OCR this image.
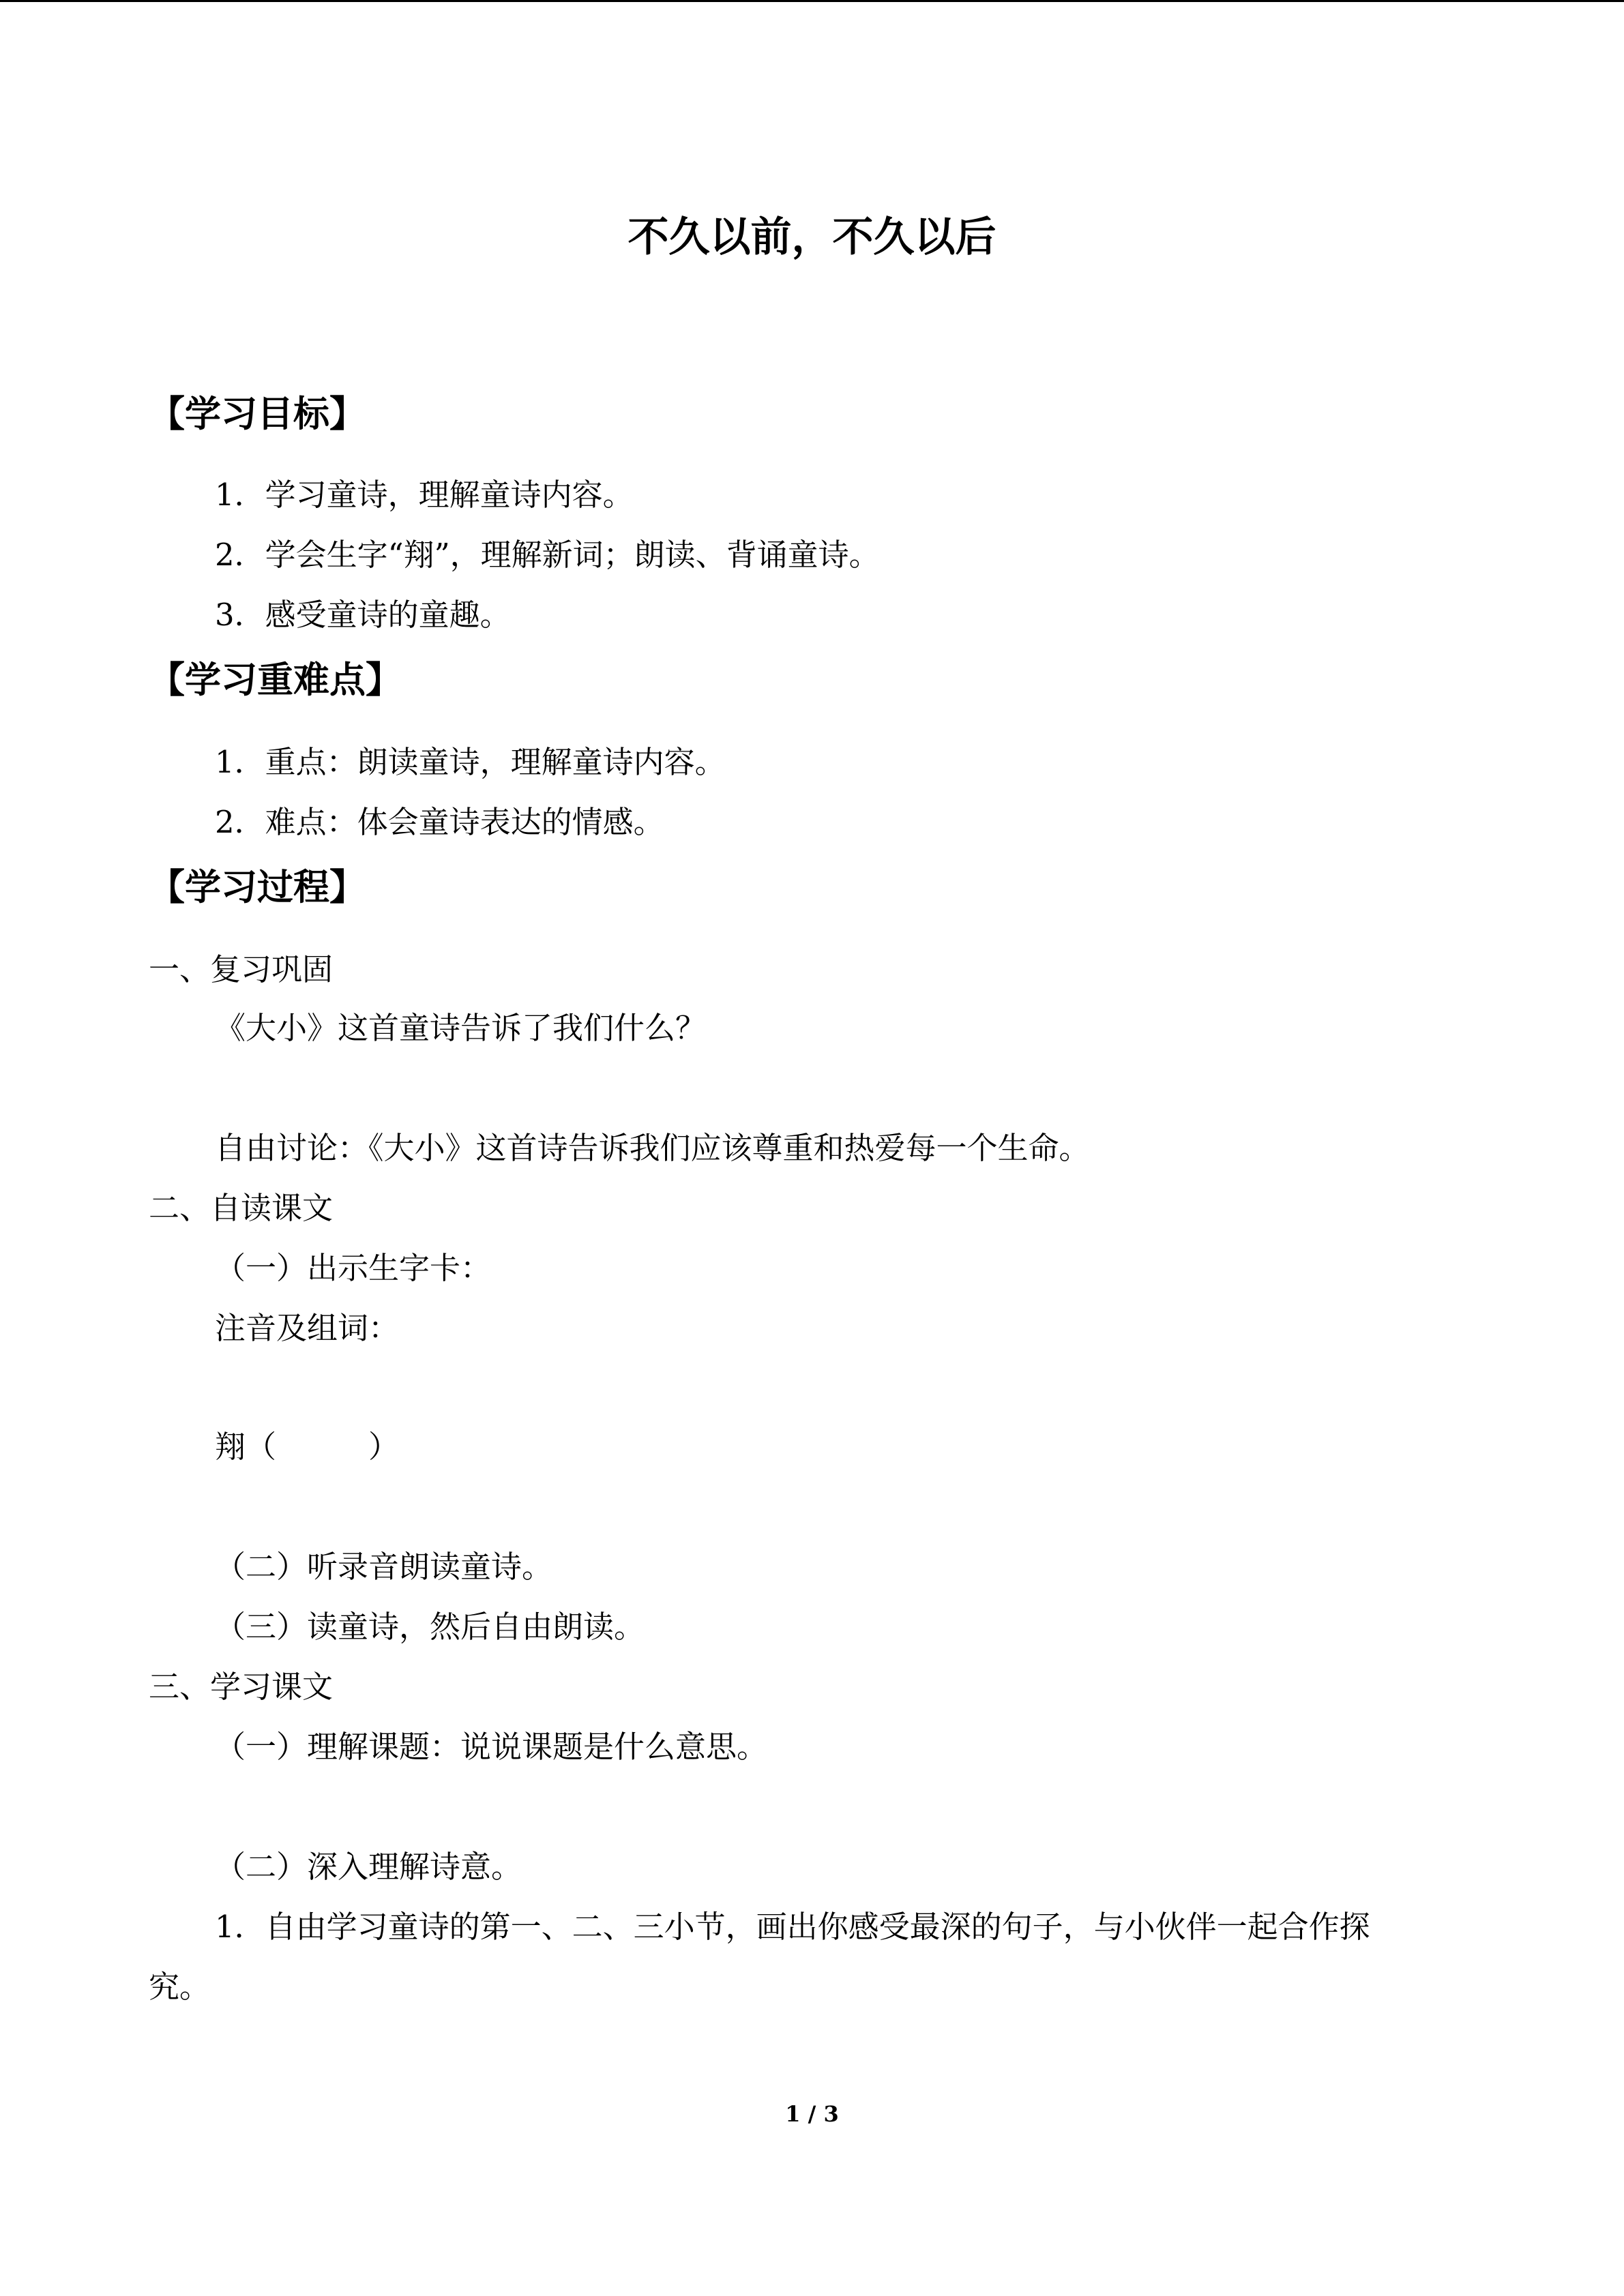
不久以前，不久以后
【学习目标】
1．学习童诗，理解童诗内容。
2．学会生字“翔”，理解新词；朗读、背诵童诗。
3．感受童诗的童趣。
【学习重难点】
1．重点：朗读童诗，理解童诗内容。
2．难点：体会童诗表达的情感。
【学习过程】
一、复习巩固
《大小》这首童诗告诉了我们什么？
自由讨论：《大小》这首诗告诉我们应该尊重和热爱每一个生命。
二、自读课文
（一）出示生字卡：
注音及组词：
翔（　　　）
（二）听录音朗读童诗。
（三）读童诗，然后自由朗读。
三、学习课文
（一）理解课题：说说课题是什么意思。
（二）深入理解诗意。
1．自由学习童诗的第一、二、三小节，画出你感受最深的句子，与小伙伴一起合作探
究。
1 / 3
